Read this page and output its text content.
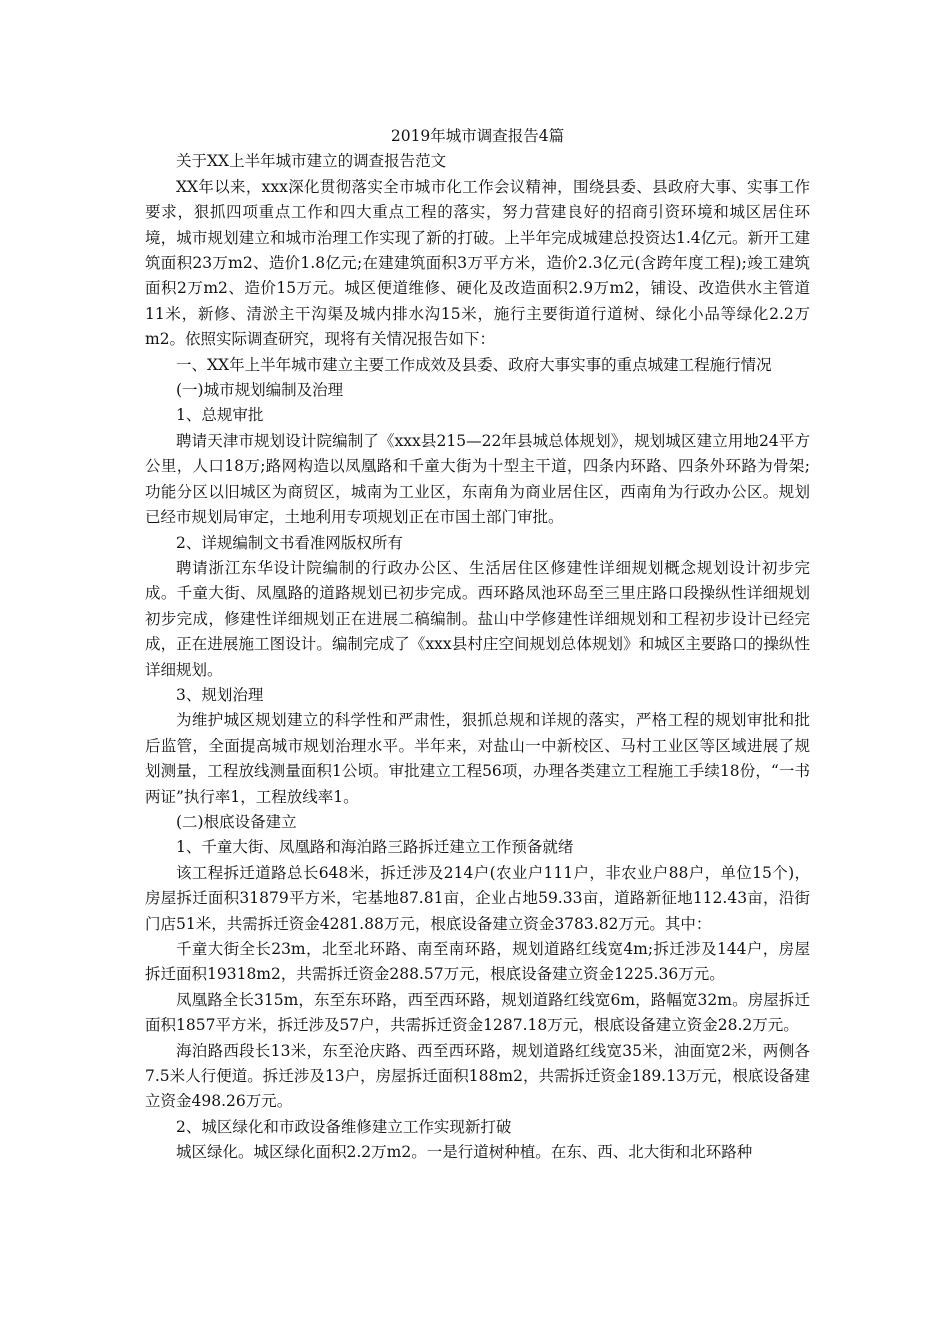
2019年城市调查报告4篇

关于XX上半年城市建立的调查报告范文

XX年以来，xxx深化贯彻落实全市城市化工作会议精神，围绕县委、县政府大事、实事工作要求，狠抓四项重点工作和四大重点工程的落实，努力营建良好的招商引资环境和城区居住环境，城市规划建立和城市治理工作实现了新的打破。上半年完成城建总投资达1.4亿元。新开工建筑面积23万m2、造价1.8亿元;在建建筑面积3万平方米，造价2.3亿元(含跨年度工程);竣工建筑面积2万m2、造价15万元。城区便道维修、硬化及改造面积2.9万m2，铺设、改造供水主管道11米，新修、清淤主干沟渠及城内排水沟15米，施行主要街道行道树、绿化小品等绿化2.2万m2。依照实际调查研究，现将有关情况报告如下：

一、XX年上半年城市建立主要工作成效及县委、政府大事实事的重点城建工程施行情况

(一)城市规划编制及治理

1、总规审批

聘请天津市规划设计院编制了《xxx县215—22年县城总体规划》，规划城区建立用地24平方公里，人口18万;路网构造以凤凰路和千童大街为十型主干道，四条内环路、四条外环路为骨架;功能分区以旧城区为商贸区，城南为工业区，东南角为商业居住区，西南角为行政办公区。规划已经市规划局审定，土地利用专项规划正在市国土部门审批。

2、详规编制文书看准网版权所有

聘请浙江东华设计院编制的行政办公区、生活居住区修建性详细规划概念规划设计初步完成。千童大街、凤凰路的道路规划已初步完成。西环路凤池环岛至三里庄路口段操纵性详细规划初步完成，修建性详细规划正在进展二稿编制。盐山中学修建性详细规划和工程初步设计已经完成，正在进展施工图设计。编制完成了《xxx县村庄空间规划总体规划》和城区主要路口的操纵性详细规划。

3、规划治理

为维护城区规划建立的科学性和严肃性，狠抓总规和详规的落实，严格工程的规划审批和批后监管，全面提高城市规划治理水平。半年来，对盐山一中新校区、马村工业区等区域进展了规划测量，工程放线测量面积1公顷。审批建立工程56项，办理各类建立工程施工手续18份，“一书两证”执行率1，工程放线率1。

(二)根底设备建立

1、千童大街、凤凰路和海泊路三路拆迁建立工作预备就绪

该工程拆迁道路总长648米，拆迁涉及214户(农业户111户，非农业户88户，单位15个)，房屋拆迁面积31879平方米，宅基地87.81亩，企业占地59.33亩，道路新征地112.43亩，沿街门店51米，共需拆迁资金4281.88万元，根底设备建立资金3783.82万元。其中：

千童大街全长23m，北至北环路、南至南环路，规划道路红线宽4m;拆迁涉及144户，房屋拆迁面积19318m2，共需拆迁资金288.57万元，根底设备建立资金1225.36万元。

凤凰路全长315m，东至东环路，西至西环路，规划道路红线宽6m，路幅宽32m。房屋拆迁面积1857平方米，拆迁涉及57户，共需拆迁资金1287.18万元，根底设备建立资金28.2万元。

海泊路西段长13米，东至沧庆路、西至西环路，规划道路红线宽35米，油面宽2米，两侧各7.5米人行便道。拆迁涉及13户，房屋拆迁面积188m2，共需拆迁资金189.13万元，根底设备建立资金498.26万元。

2、城区绿化和市政设备维修建立工作实现新打破

城区绿化。城区绿化面积2.2万m2。一是行道树种植。在东、西、北大街和北环路种
